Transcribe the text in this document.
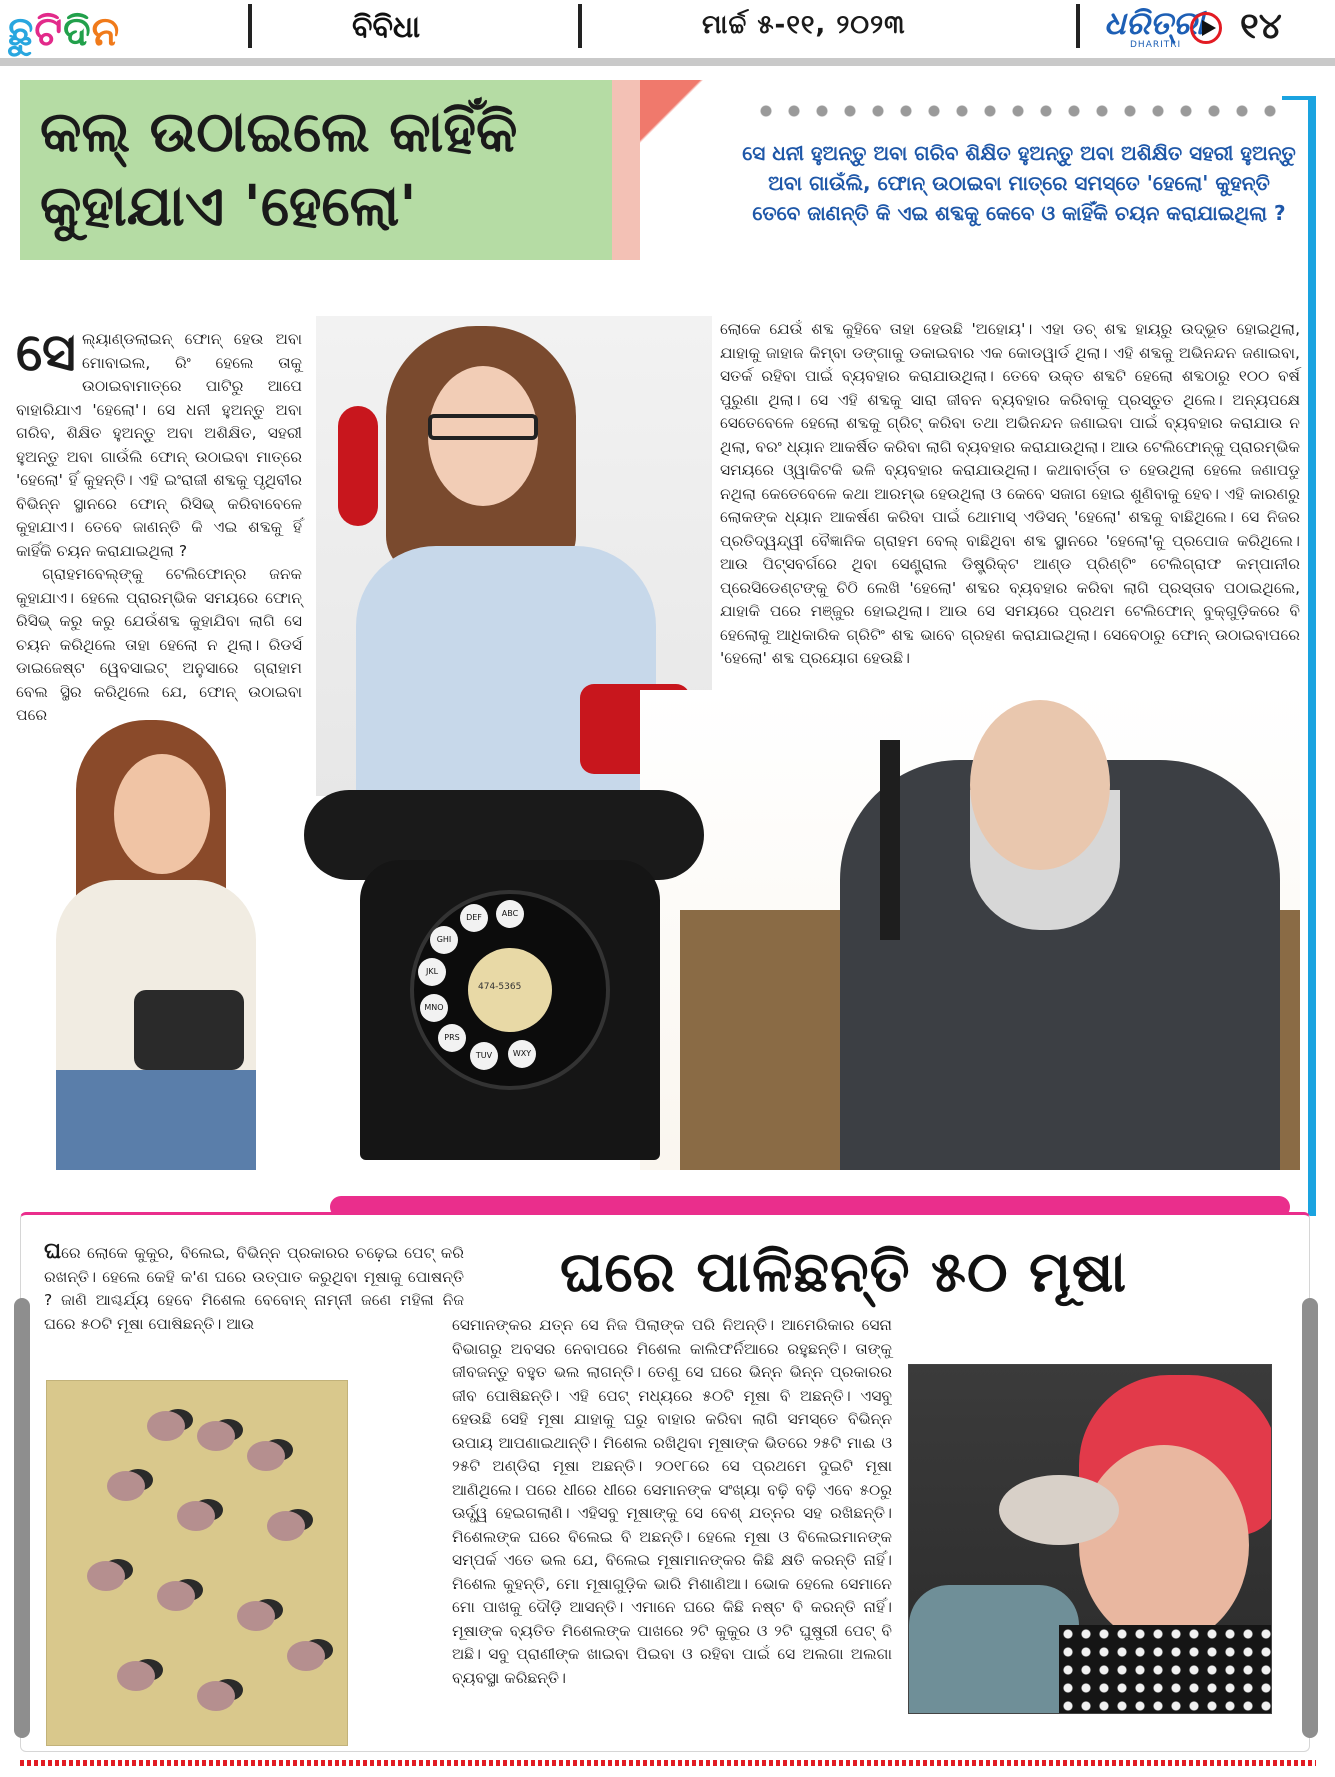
ଛୁ ଟି ଦି ନ	ବିବିଧା	ମାର୍ଚ୍ଚ ୫-୧୧, ୨୦୨୩	ଧରିତ୍ରୀ
DHARITRI ୧୪
କଲ୍ ଉଠାଇଲେ କାହିଁକି
କୁହାଯାଏ 'ହେଲୋ'

ସେ ଧନୀ ହୁଅନ୍ତୁ ଅବା ଗରିବ ଶିକ୍ଷିତ ହୁଅନ୍ତୁ ଅବା ଅଶିକ୍ଷିତ ସହରୀ ହୁଅନ୍ତୁ ଅବା ଗାଉଁଲି, ଫୋନ୍ ଉଠାଇବା ମାତ୍ରେ ସମସ୍ତେ 'ହେଲୋ' କୁହନ୍ତି ତେବେ ଜାଣନ୍ତି କି ଏଇ ଶବ୍ଦକୁ କେବେ ଓ କାହିଁକି ଚୟନ କରାଯାଇଥିଲା ?

ABC
DEF
GHI
JKL
MNO
PRS
TUV	WXY
474-5365

ସେ ଲ୍ୟାଣ୍ଡଲାଇନ୍ ଫୋନ୍ ହେଉ ଅବା ମୋବାଇଲ, ରିଂ ହେଲେ ତାକୁ ଉଠାଇବାମାତ୍ରେ ପାଟିରୁ ଆପେ ବାହାରିଯାଏ 'ହେଲୋ'। ସେ ଧନୀ ହୁଅନ୍ତୁ ଅବା ଗରିବ, ଶିକ୍ଷିତ ହୁଅନ୍ତୁ ଅବା ଅଶିକ୍ଷିତ, ସହରୀ ହୁଅନ୍ତୁ ଅବା ଗାଉଁଲି ଫୋନ୍ ଉଠାଇବା ମାତ୍ରେ 'ହେଲୋ' ହିଁ କୁହନ୍ତି। ଏହି ଇଂରାଜୀ ଶବ୍ଦକୁ ପୃଥିବୀର ବିଭିନ୍ନ ସ୍ଥାନରେ ଫୋନ୍ ରିସିଭ୍ କରିବାବେଳେ କୁହାଯାଏ। ତେବେ ଜାଣନ୍ତି କି ଏଇ ଶବ୍ଦକୁ ହିଁ କାହିଁକି ଚୟନ କରାଯାଇଥିଲା ?

ଗ୍ରାହମବେଲ୍ଙ୍କୁ ଟେଲିଫୋନ୍ର ଜନକ କୁହାଯାଏ। ହେଲେ ପ୍ରାରମ୍ଭିକ ସମୟରେ ଫୋନ୍ ରିସିଭ୍ କରୁ କରୁ ଯେଉଁଶବ୍ଦ କୁହାଯିବା ଲାଗି ସେ ଚୟନ କରିଥିଲେ ତାହା ହେଲୋ ନ ଥିଲା। ରିଡର୍ସ ଡାଇଜେଷ୍ଟ ୱେବସାଇଟ୍ ଅନୁସାରେ ଗ୍ରାହାମ ବେଲ ସ୍ଥିର କରିଥିଲେ ଯେ, ଫୋନ୍ ଉଠାଇବା ପରେ

ଲୋକେ ଯେଉଁ ଶବ୍ଦ କୁହିବେ ତାହା ହେଉଛି 'ଅହୋୟ'। ଏହା ଡଚ୍ ଶବ୍ଦ ହାୟରୁ ଉଦ୍ଭୂତ ହୋଇଥିଲା, ଯାହାକୁ ଜାହାଜ କିମ୍ବା ଡଙ୍ଗାକୁ ଡକାଇବାର ଏକ କୋଡୱାର୍ଡ ଥିଲା। ଏହି ଶବ୍ଦକୁ ଅଭିନନ୍ଦନ ଜଣାଇବା, ସତର୍କ ରହିବା ପାଇଁ ବ୍ୟବହାର କରାଯାଉଥିଲା। ତେବେ ଉକ୍ତ ଶବ୍ଦଟି ହେଲୋ ଶବ୍ଦଠାରୁ ୧୦୦ ବର୍ଷ ପୁରୁଣା ଥିଲା। ସେ ଏହି ଶବ୍ଦକୁ ସାରା ଜୀବନ ବ୍ୟବହାର କରିବାକୁ ପ୍ରସ୍ତୁତ ଥିଲେ। ଅନ୍ୟପକ୍ଷେ ସେତେବେଳେ ହେଲୋ ଶବ୍ଦକୁ ଗ୍ରିଟ୍ କରିବା ତଥା ଅଭିନନ୍ଦନ ଜଣାଇବା ପାଇଁ ବ୍ୟବହାର କରାଯାଉ ନ ଥିଲା, ବରଂ ଧ୍ୟାନ ଆକର୍ଷିତ କରିବା ଲାଗି ବ୍ୟବହାର କରାଯାଉଥିଲା। ଆଉ ଟେଲିଫୋନ୍କୁ ପ୍ରାରମ୍ଭିକ ସମୟରେ ଓ୍ୱାକିଟକି ଭଳି ବ୍ୟବହାର କରାଯାଉଥିଲା। କଥାବାର୍ତ୍ତା ତ ହେଉଥିଲା ହେଲେ ଜଣାପଡୁ ନଥିଲା କେତେବେଳେ କଥା ଆରମ୍ଭ ହେଉଥିଲା ଓ କେବେ ସଜାଗ ହୋଇ ଶୁଣିବାକୁ ହେବ। ଏହି କାରଣରୁ ଲୋକଙ୍କ ଧ୍ୟାନ ଆକର୍ଷଣ କରିବା ପାଇଁ ଥୋମାସ୍ ଏଡିସନ୍ 'ହେଲୋ' ଶବ୍ଦକୁ ବାଛିଥିଲେ। ସେ ନିଜର ପ୍ରତିଦ୍ୱନ୍ଦ୍ୱୀ ବୈଜ୍ଞାନିକ ଗ୍ରାହମ ବେଲ୍ ବାଛିଥିବା ଶବ୍ଦ ସ୍ଥାନରେ 'ହେଲୋ'କୁ ପ୍ରପୋଜ କରିଥିଲେ। ଆଉ ପିଟ୍ସବର୍ଗରେ ଥିବା ସେଣ୍ଟ୍ରାଲ ଡିଷ୍ଟ୍ରିକ୍ଟ ଆଣ୍ଡ ପ୍ରିଣ୍ଟିଂ ଟେଲିଗ୍ରାଫ କମ୍ପାନୀର ପ୍ରେସିଡେଣ୍ଟଙ୍କୁ ଚିଠି ଲେଖି 'ହେଲୋ' ଶବ୍ଦର ବ୍ୟବହାର କରିବା ଲାଗି ପ୍ରସ୍ତାବ ପଠାଇଥିଲେ, ଯାହାକି ପରେ ମଞ୍ଜୁର ହୋଇଥିଲା। ଆଉ ସେ ସମୟରେ ପ୍ରଥମ ଟେଲିଫୋନ୍ ବୁକ୍ଗୁଡ଼ିକରେ ବି ହେଲୋକୁ ଆଧିକାରିକ ଗ୍ରିଟିଂ ଶବ୍ଦ ଭାବେ ଗ୍ରହଣ କରାଯାଇଥିଲା। ସେବେଠାରୁ ଫୋନ୍ ଉଠାଇବାପରେ 'ହେଲୋ' ଶବ୍ଦ ପ୍ରୟୋଗ ହେଉଛି।

ଘରେ ପାଳିଛନ୍ତି ୫୦ ମୂଷା
ଘରେ ଲୋକେ କୁକୁର, ବିଲେଇ, ବିଭିନ୍ନ ପ୍ରକାରର ଚଢ଼େଇ ପେଟ୍ କରି ରଖନ୍ତି। ହେଲେ କେହି କ'ଣ ଘରେ ଉତ୍ପାତ କରୁଥିବା ମୂଷାକୁ ପୋଷନ୍ତି ? ଜାଣି ଆଶ୍ଚର୍ଯ୍ୟ ହେବେ ମିଶେଲ ବେବୋନ୍ ନାମ୍ନୀ ଜଣେ ମହିଳା ନିଜ ଘରେ ୫୦ଟି ମୂଷା ପୋଷିଛନ୍ତି। ଆଉ	ସେମାନଙ୍କର ଯତ୍ନ ସେ ନିଜ ପିଲାଙ୍କ ପରି ନିଅନ୍ତି। ଆମେରିକାର ସେନା ବିଭାଗରୁ ଅବସର ନେବାପରେ ମିଶେଲ କାଲିଫର୍ନିଆରେ ରହୁଛନ୍ତି। ତାଙ୍କୁ ଜୀବଜନ୍ତୁ ବହୁତ ଭଲ ଲାଗନ୍ତି। ତେଣୁ ସେ ଘରେ ଭିନ୍ନ ଭିନ୍ନ ପ୍ରକାରର ଜୀବ ପୋଷିଛନ୍ତି। ଏହି ପେଟ୍ ମଧ୍ୟରେ ୫୦ଟି ମୂଷା ବି ଅଛନ୍ତି। ଏସବୁ ହେଉଛି ସେହି ମୂଷା ଯାହାକୁ ଘରୁ ବାହାର କରିବା ଲାଗି ସମସ୍ତେ ବିଭିନ୍ନ ଉପାୟ ଆପଣାଇଥାନ୍ତି। ମିଶେଲ ରଖିଥିବା ମୂଷାଙ୍କ ଭିତରେ ୨୫ଟି ମାଈ ଓ ୨୫ଟି ଅଣ୍ଡିରା ମୂଷା ଅଛନ୍ତି। ୨୦୧୮ରେ ସେ ପ୍ରଥମେ ଦୁଇଟି ମୂଷା ଆଣିଥିଲେ। ପରେ ଧୀରେ ଧୀରେ ସେମାନଙ୍କ ସଂଖ୍ୟା ବଢ଼ି ବଢ଼ି ଏବେ ୫୦ରୁ ଊର୍ଦ୍ଧ୍ୱ ହେଇଗଲାଣି। ଏହିସବୁ ମୂଷାଙ୍କୁ ସେ ବେଶ୍ ଯତ୍ନର ସହ ରଖିଛନ୍ତି। ମିଶେଲଙ୍କ ଘରେ ବିଲେଇ ବି ଅଛନ୍ତି। ହେଲେ ମୂଷା ଓ ବିଲେଇମାନଙ୍କ ସମ୍ପର୍କ ଏତେ ଭଲ ଯେ, ବିଲେଇ ମୂଷାମାନଙ୍କର କିଛି କ୍ଷତି କରନ୍ତି ନାହିଁ। ମିଶେଲ କୁହନ୍ତି, ମୋ ମୂଷାଗୁଡ଼ିକ ଭାରି ମିଶାଣିଆ। ଭୋକ ହେଲେ ସେମାନେ ମୋ ପାଖକୁ ଦୌଡ଼ି ଆସନ୍ତି। ଏମାନେ ଘରେ କିଛି ନଷ୍ଟ ବି କରନ୍ତି ନାହିଁ। ମୂଷାଙ୍କ ବ୍ୟତିତ ମିଶେଲଙ୍କ ପାଖରେ ୨ଟି କୁକୁର ଓ ୨ଟି ଘୁଷୁରୀ ପେଟ୍ ବି ଅଛି। ସବୁ ପ୍ରାଣୀଙ୍କ ଖାଇବା ପିଇବା ଓ ରହିବା ପାଇଁ ସେ ଅଲଗା ଅଲଗା ବ୍ୟବସ୍ଥା କରିଛନ୍ତି।
